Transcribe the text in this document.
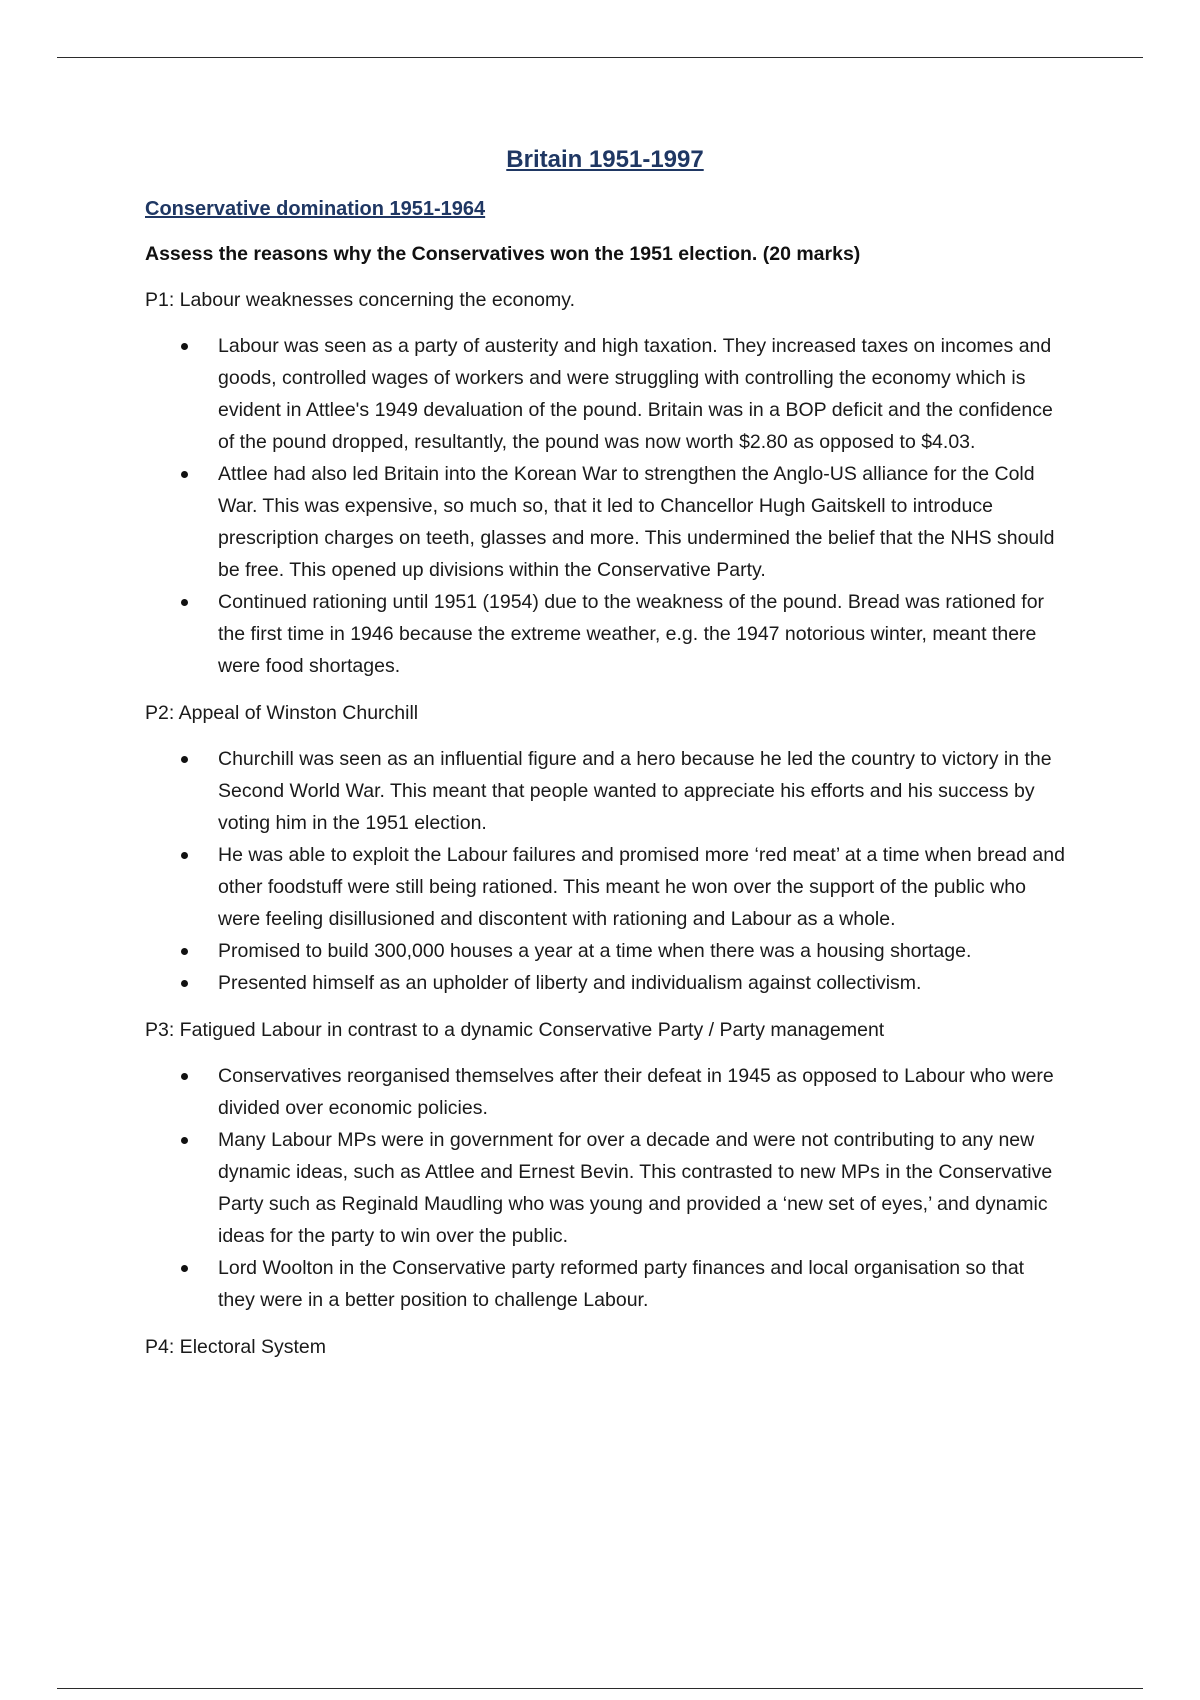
Britain 1951-1997
Conservative domination 1951-1964
Assess the reasons why the Conservatives won the 1951 election. (20 marks)
P1: Labour weaknesses concerning the economy.
Labour was seen as a party of austerity and high taxation. They increased taxes on incomes and goods, controlled wages of workers and were struggling with controlling the economy which is evident in Attlee's 1949 devaluation of the pound. Britain was in a BOP deficit and the confidence of the pound dropped, resultantly, the pound was now worth $2.80 as opposed to $4.03.
Attlee had also led Britain into the Korean War to strengthen the Anglo-US alliance for the Cold War. This was expensive, so much so, that it led to Chancellor Hugh Gaitskell to introduce prescription charges on teeth, glasses and more. This undermined the belief that the NHS should be free. This opened up divisions within the Conservative Party.
Continued rationing until 1951 (1954) due to the weakness of the pound. Bread was rationed for the first time in 1946 because the extreme weather, e.g. the 1947 notorious winter, meant there were food shortages.
P2: Appeal of Winston Churchill
Churchill was seen as an influential figure and a hero because he led the country to victory in the Second World War. This meant that people wanted to appreciate his efforts and his success by voting him in the 1951 election.
He was able to exploit the Labour failures and promised more ‘red meat’ at a time when bread and other foodstuff were still being rationed. This meant he won over the support of the public who were feeling disillusioned and discontent with rationing and Labour as a whole.
Promised to build 300,000 houses a year at a time when there was a housing shortage.
Presented himself as an upholder of liberty and individualism against collectivism.
P3: Fatigued Labour in contrast to a dynamic Conservative Party / Party management
Conservatives reorganised themselves after their defeat in 1945 as opposed to Labour who were divided over economic policies.
Many Labour MPs were in government for over a decade and were not contributing to any new dynamic ideas, such as Attlee and Ernest Bevin. This contrasted to new MPs in the Conservative Party such as Reginald Maudling who was young and provided a ‘new set of eyes,’ and dynamic ideas for the party to win over the public.
Lord Woolton in the Conservative party reformed party finances and local organisation so that they were in a better position to challenge Labour.
P4: Electoral System
